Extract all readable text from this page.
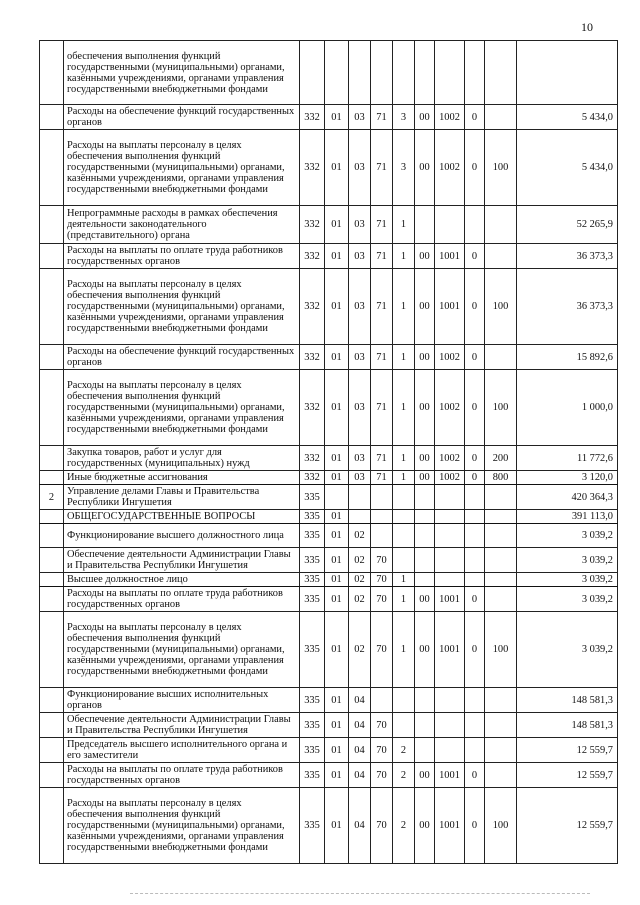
10
	обеспечения выполнения функций государственными (муниципальными) органами, казёнными учреждениями, органами управления государственными внебюджетными фондами										
	Расходы на обеспечение функций государственных органов	332	01	03	71	3	00	1002	0		5 434,0
	Расходы на выплаты персоналу в целях обеспечения выполнения функций государственными (муниципальными) органами, казёнными учреждениями, органами управления государственными внебюджетными фондами	332	01	03	71	3	00	1002	0	100	5 434,0
	Непрограммные расходы в рамках обеспечения деятельности законодательного (представительного) органа	332	01	03	71	1					52 265,9
	Расходы на выплаты по оплате труда работников государственных органов	332	01	03	71	1	00	1001	0		36 373,3
	Расходы на выплаты персоналу в целях обеспечения выполнения функций государственными (муниципальными) органами, казёнными учреждениями, органами управления государственными внебюджетными фондами	332	01	03	71	1	00	1001	0	100	36 373,3
	Расходы на обеспечение функций государственных органов	332	01	03	71	1	00	1002	0		15 892,6
	Расходы на выплаты персоналу в целях обеспечения выполнения функций государственными (муниципальными) органами, казёнными учреждениями, органами управления государственными внебюджетными фондами	332	01	03	71	1	00	1002	0	100	1 000,0
	Закупка товаров, работ и услуг для государственных (муниципальных) нужд	332	01	03	71	1	00	1002	0	200	11 772,6
	Иные бюджетные ассигнования	332	01	03	71	1	00	1002	0	800	3 120,0
2	Управление делами Главы и Правительства Республики Ингушетия	335									420 364,3
	ОБЩЕГОСУДАРСТВЕННЫЕ ВОПРОСЫ	335	01								391 113,0
	Функционирование высшего должностного лица	335	01	02							3 039,2
	Обеспечение деятельности Администрации Главы и Правительства Республики Ингушетия	335	01	02	70						3 039,2
	Высшее должностное лицо	335	01	02	70	1					3 039,2
	Расходы на выплаты по оплате труда работников государственных органов	335	01	02	70	1	00	1001	0		3 039,2
	Расходы на выплаты персоналу в целях обеспечения выполнения функций государственными (муниципальными) органами, казёнными учреждениями, органами управления государственными внебюджетными фондами	335	01	02	70	1	00	1001	0	100	3 039,2
	Функционирование высших исполнительных органов	335	01	04							148 581,3
	Обеспечение деятельности Администрации Главы и Правительства Республики Ингушетия	335	01	04	70						148 581,3
	Председатель высшего исполнительного органа и его заместители	335	01	04	70	2					12 559,7
	Расходы на выплаты по оплате труда работников государственных органов	335	01	04	70	2	00	1001	0		12 559,7
	Расходы на выплаты персоналу в целях обеспечения выполнения функций государственными (муниципальными) органами, казёнными учреждениями, органами управления государственными внебюджетными фондами	335	01	04	70	2	00	1001	0	100	12 559,7
